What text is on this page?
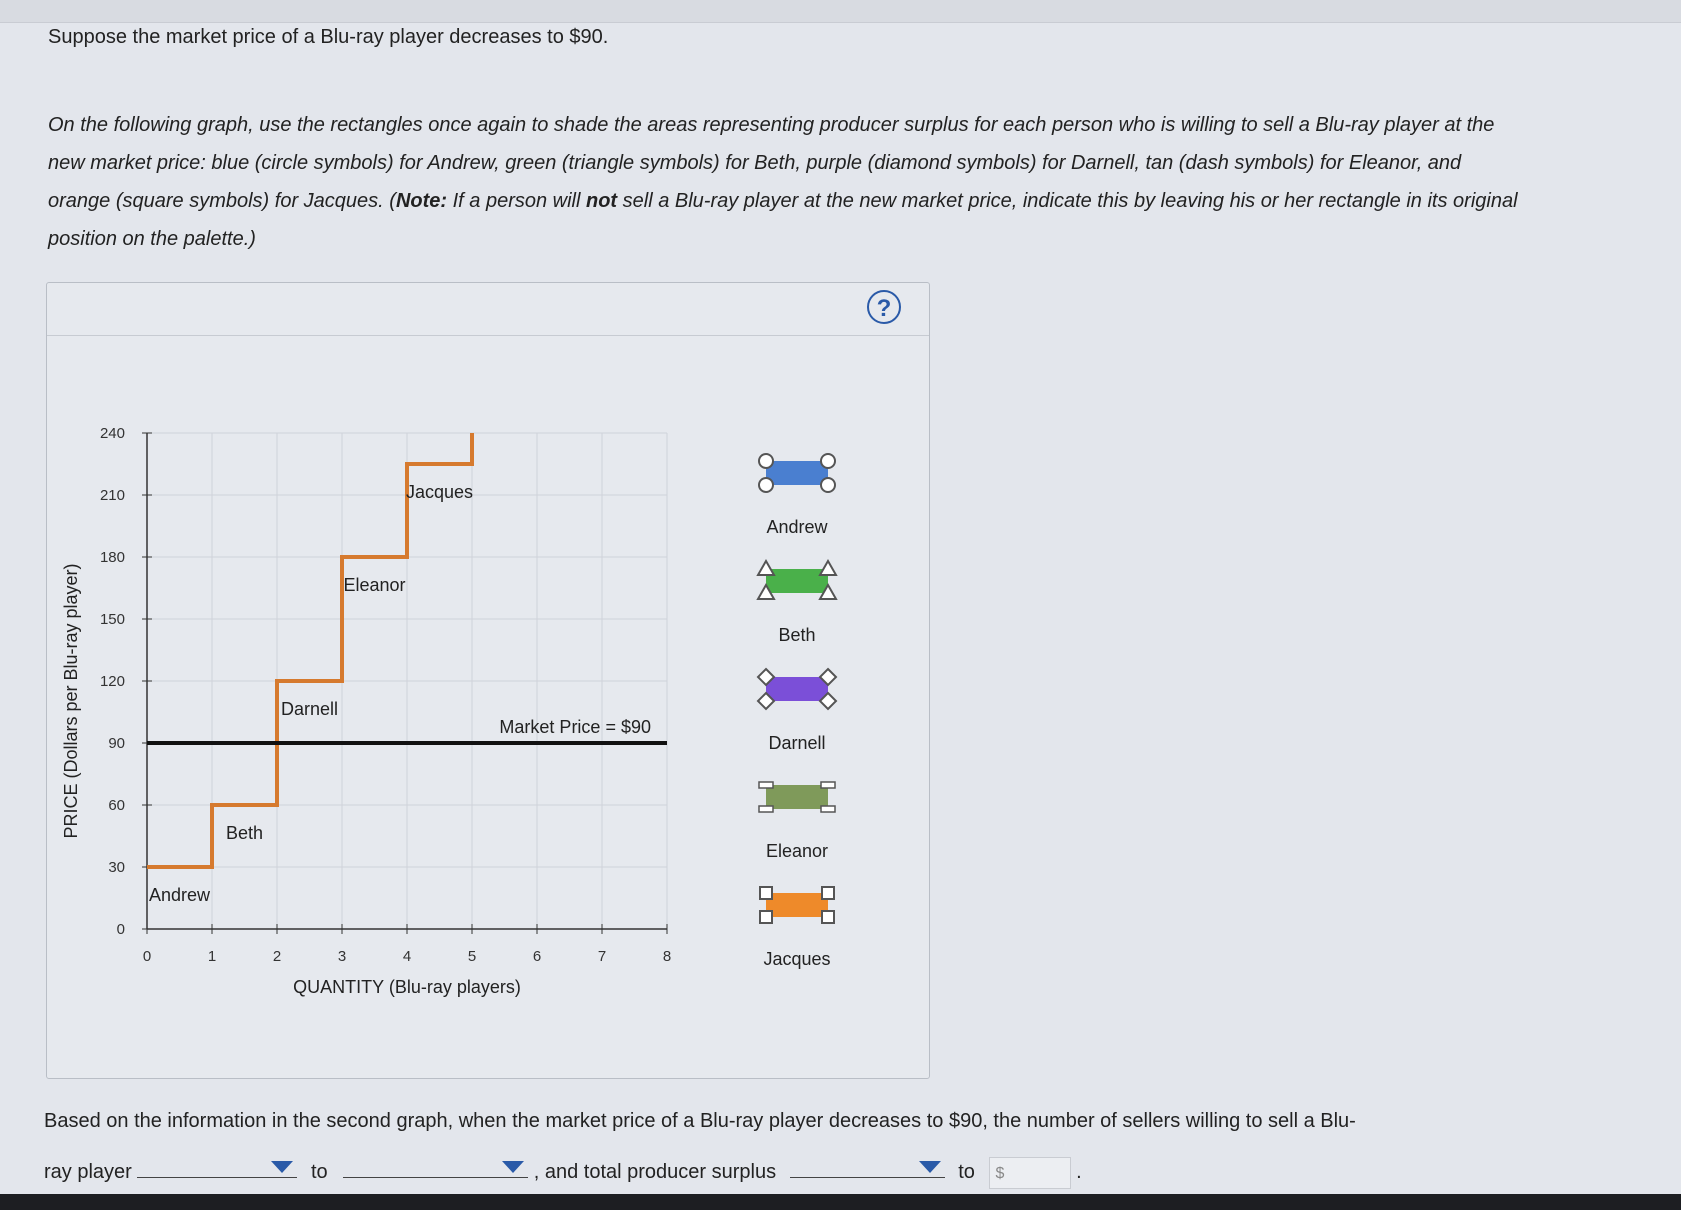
Suppose the market price of a Blu-ray player decreases to $90.
On the following graph, use the rectangles once again to shade the areas representing producer surplus for each person who is willing to sell a Blu-ray player at the new market price: blue (circle symbols) for Andrew, green (triangle symbols) for Beth, purple (diamond symbols) for Darnell, tan (dash symbols) for Eleanor, and orange (square symbols) for Jacques. (Note: If a person will not sell a Blu-ray player at the new market price, indicate this by leaving his or her rectangle in its original position on the palette.)
?
0	1	2	3	4	5	6	7	8
0
30
60
90
120
150
180
210
240
QUANTITY (Blu-ray players)
PRICE (Dollars per Blu-ray player)	Market Price = $90
Andrew
Beth
Darnell
Eleanor
Jacques
Andrew
Beth
Darnell
Eleanor
Jacques
Based on the information in the second graph, when the market price of a Blu-ray player decreases to $90, the number of sellers willing to sell a Blu-
ray player	to	, and total producer surplus	to $	.
